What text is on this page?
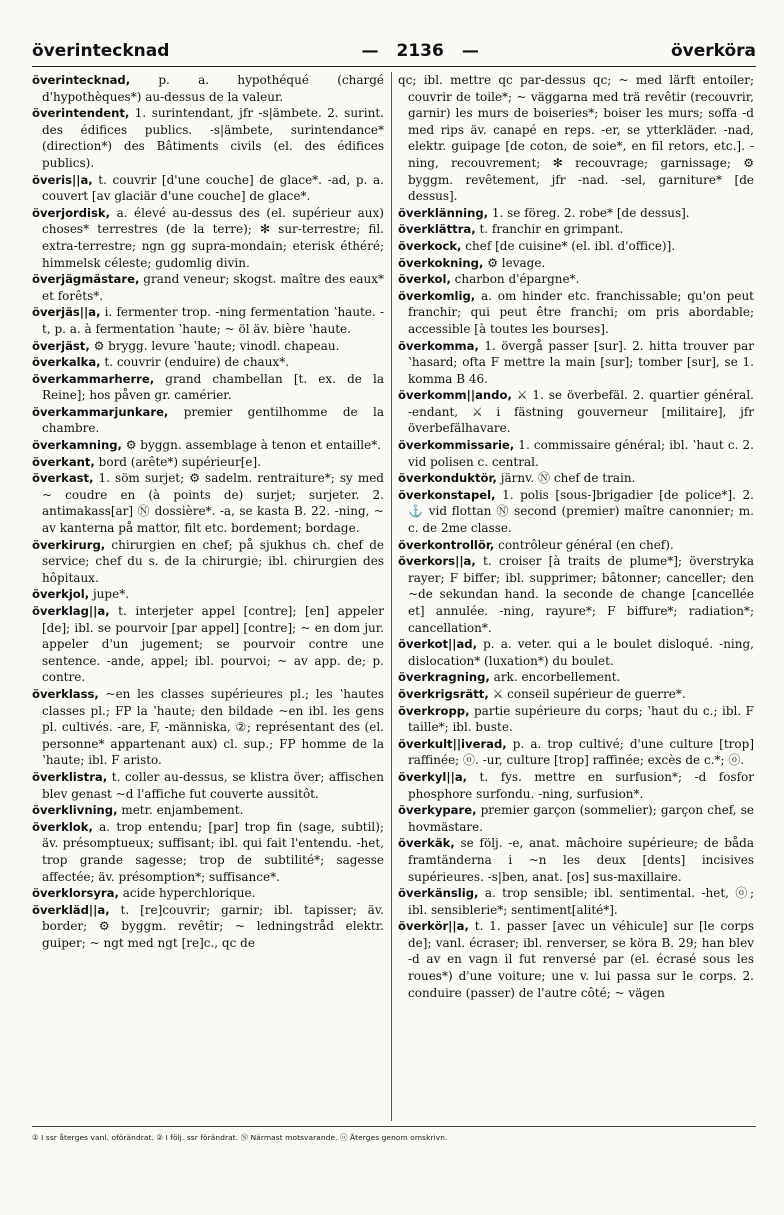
överintecknad	— 2136 —	överköra

överintecknad, p. a. hypothéqué (chargé d'hypothèques*) au-dessus de la valeur.

överintendent, 1. surintendant, jfr -s|ämbete. 2. surint. des édifices publics. -s|ämbete, surintendance* (direction*) des Bâtiments civils (el. des édifices publics).

överis||a, t. couvrir [d'une couche] de glace*. -ad, p. a. couvert [av glaciär d'une couche] de glace*.

överjordisk, a. élevé au-dessus des (el. supérieur aux) choses* terrestres (de la terre); ✻ sur-terrestre; fil. extra-terrestre; ngn gg supra-mondain; eterisk éthéré; himmelsk céleste; gudomlig divin.

överjägmästare, grand veneur; skogst. maître des eaux* et forêts*.

överjäs||a, i. fermenter trop. -ning fermentation ʽhaute. -t, p. a. à fermentation ʽhaute; ~ öl äv. bière ʽhaute.

överjäst, ⚙ brygg. levure ʽhaute; vinodl. chapeau.

överkalka, t. couvrir (enduire) de chaux*.

överkammarherre, grand chambellan [t. ex. de la Reine]; hos påven gr. camérier.

överkammarjunkare, premier gentilhomme de la chambre.

överkamning, ⚙ byggn. assemblage à tenon et entaille*.

överkant, bord (arête*) supérieur[e].

överkast, 1. söm surjet; ⚙ sadelm. rentraiture*; sy med ~ coudre en (à points de) surjet; surjeter. 2. antimakass[ar] Ⓝ dossière*. -a, se kasta B. 22. -ning, ~ av kanterna på mattor, filt etc. bordement; bordage.

överkirurg, chirurgien en chef; på sjukhus ch. chef de service; chef du s. de la chirurgie; ibl. chirurgien des hôpitaux.

överkjol, jupe*.

överklag||a, t. interjeter appel [contre]; [en] appeler [de]; ibl. se pourvoir [par appel] [contre]; ~ en dom jur. appeler d'un jugement; se pourvoir contre une sentence. -ande, appel; ibl. pourvoi; ~ av app. de; p. contre.

överklass, ~en les classes supérieures pl.; les ʽhautes classes pl.; FP la ʽhaute; den bildade ~en ibl. les gens pl. cultivés. -are, F, -människa, ②; représentant des (el. personne* appartenant aux) cl. sup.; FP homme de la ʽhaute; ibl. F aristo.

överklistra, t. coller au-dessus, se klistra över; affischen blev genast ~d l'affiche fut couverte aussitôt.

överklivning, metr. enjambement.

överklok, a. trop entendu; [par] trop fin (sage, subtil); äv. présomptueux; suffisant; ibl. qui fait l'entendu. -het, trop grande sagesse; trop de subtilité*; sagesse affectée; äv. présomption*; suffisance*.

överklorsyra, acide hyperchlorique.

överkläd||a, t. [re]couvrir; garnir; ibl. tapisser; äv. border; ⚙ byggm. revêtir; ~ ledningstråd elektr. guiper; ~ ngt med ngt [re]c., qc de

qc; ibl. mettre qc par-dessus qc; ~ med lärft entoiler; couvrir de toile*; ~ väggarna med trä revêtir (recouvrir, garnir) les murs de boiseries*; boiser les murs; soffa -d med rips äv. canapé en reps. -er, se ytterkläder. -nad, elektr. guipage [de coton, de soie*, en fil retors, etc.]. -ning, recouvrement; ✻ recouvrage; garnissage; ⚙ byggm. revêtement, jfr -nad. -sel, garniture* [de dessus].

överklänning, 1. se föreg. 2. robe* [de dessus].

överklättra, t. franchir en grimpant.

överkock, chef [de cuisine* (el. ibl. d'office)].

överkokning, ⚙ levage.

överkol, charbon d'épargne*.

överkomlig, a. om hinder etc. franchissable; qu'on peut franchir; qui peut être franchi; om pris abordable; accessible [à toutes les bourses].

överkomma, 1. övergå passer [sur]. 2. hitta trouver par ʽhasard; ofta F mettre la main [sur]; tomber [sur], se 1. komma B 46.

överkomm||ando, ⚔ 1. se överbefäl. 2. quartier général. -endant, ⚔ i fästning gouverneur [militaire], jfr överbefälhavare.

överkommissarie, 1. commissaire général; ibl. ʽhaut c. 2. vid polisen c. central.

överkonduktör, järnv. Ⓝ chef de train.

överkonstapel, 1. polis [sous-]brigadier [de police*]. 2. ⚓ vid flottan Ⓝ second (premier) maître canonnier; m. c. de 2me classe.

överkontrollör, contrôleur général (en chef).

överkors||a, t. croiser [à traits de plume*]; överstryka rayer; F biffer; ibl. supprimer; bâtonner; canceller; den ~de sekundan hand. la seconde de change [cancellée et] annulée. -ning, rayure*; F biffure*; radiation*; cancellation*.

överkot||ad, p. a. veter. qui a le boulet disloqué. -ning, dislocation* (luxation*) du boulet.

överkragning, ark. encorbellement.

överkrigsrätt, ⚔ conseil supérieur de guerre*.

överkropp, partie supérieure du corps; ʽhaut du c.; ibl. F taille*; ibl. buste.

överkult||iverad, p. a. trop cultivé; d'une culture [trop] raffinée; ⓞ. -ur, culture [trop] raffinée; excès de c.*; ⓞ.

överkyl||a, t. fys. mettre en surfusion*; -d fosfor phosphore surfondu. -ning, surfusion*.

överkypare, premier garçon (sommelier); garçon chef, se hovmästare.

överkäk, se följ. -e, anat. mâchoire supérieure; de båda framtänderna i ~n les deux [dents] incisives supérieures. -s|ben, anat. [os] sus-maxillaire.

överkänslig, a. trop sensible; ibl. sentimental. -het, ⓞ; ibl. sensiblerie*; sentiment[alité*].

överkör||a, t. 1. passer [avec un véhicule] sur [le corps de]; vanl. écraser; ibl. renverser, se köra B. 29; han blev -d av en vagn il fut renversé par (el. écrasé sous les roues*) d'une voiture; une v. lui passa sur le corps. 2. conduire (passer) de l'autre côté; ~ vägen

① I ssr återges vanl. oförändrat. ② I följ. ssr förändrat. Ⓝ Närmast motsvarande. ⓞ Återges genom omskrivn.
